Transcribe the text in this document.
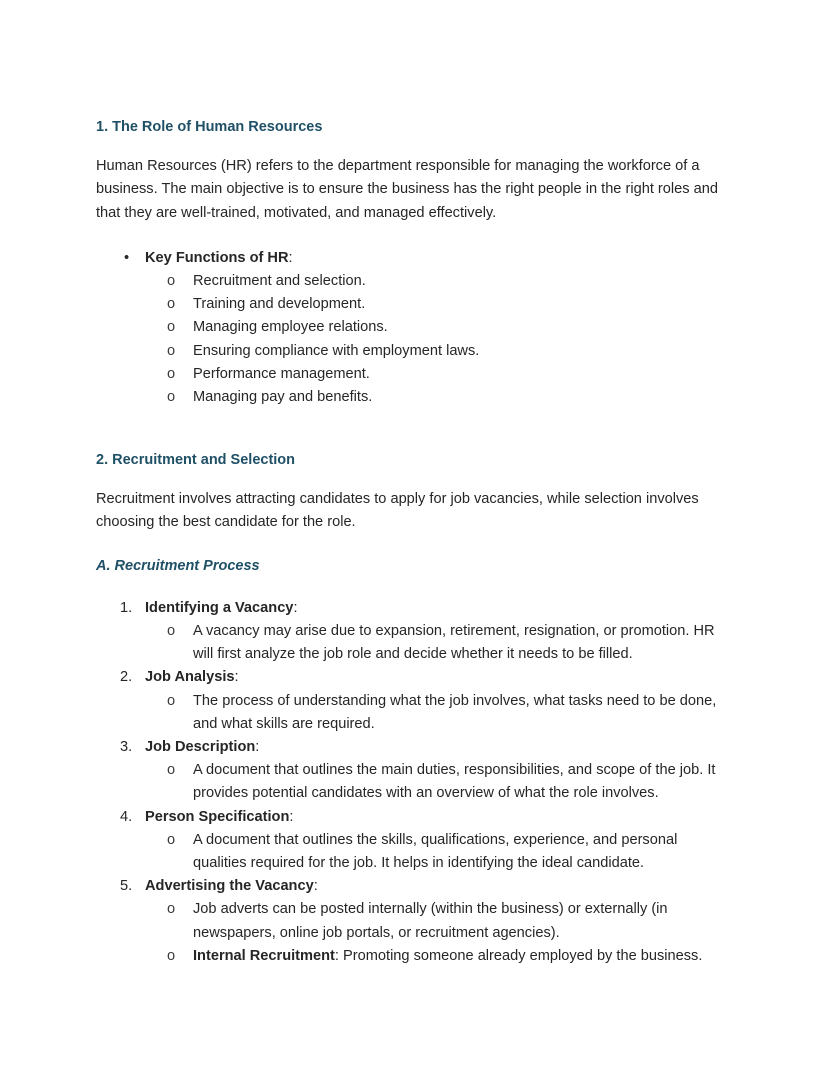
1. The Role of Human Resources

Human Resources (HR) refers to the department responsible for managing the workforce of a business. The main objective is to ensure the business has the right people in the right roles and that they are well-trained, motivated, and managed effectively.

• Key Functions of HR:
o Recruitment and selection.
o Training and development.
o Managing employee relations.
o Ensuring compliance with employment laws.
o Performance management.
o Managing pay and benefits.
2. Recruitment and Selection

Recruitment involves attracting candidates to apply for job vacancies, while selection involves choosing the best candidate for the role.

A. Recruitment Process
1. Identifying a Vacancy:
o A vacancy may arise due to expansion, retirement, resignation, or promotion. HR will first analyze the job role and decide whether it needs to be filled.
2. Job Analysis:
o The process of understanding what the job involves, what tasks need to be done, and what skills are required.
3. Job Description:
o A document that outlines the main duties, responsibilities, and scope of the job. It provides potential candidates with an overview of what the role involves.
4. Person Specification:
o A document that outlines the skills, qualifications, experience, and personal qualities required for the job. It helps in identifying the ideal candidate.
5. Advertising the Vacancy:
o Job adverts can be posted internally (within the business) or externally (in newspapers, online job portals, or recruitment agencies).
o Internal Recruitment: Promoting someone already employed by the business.
